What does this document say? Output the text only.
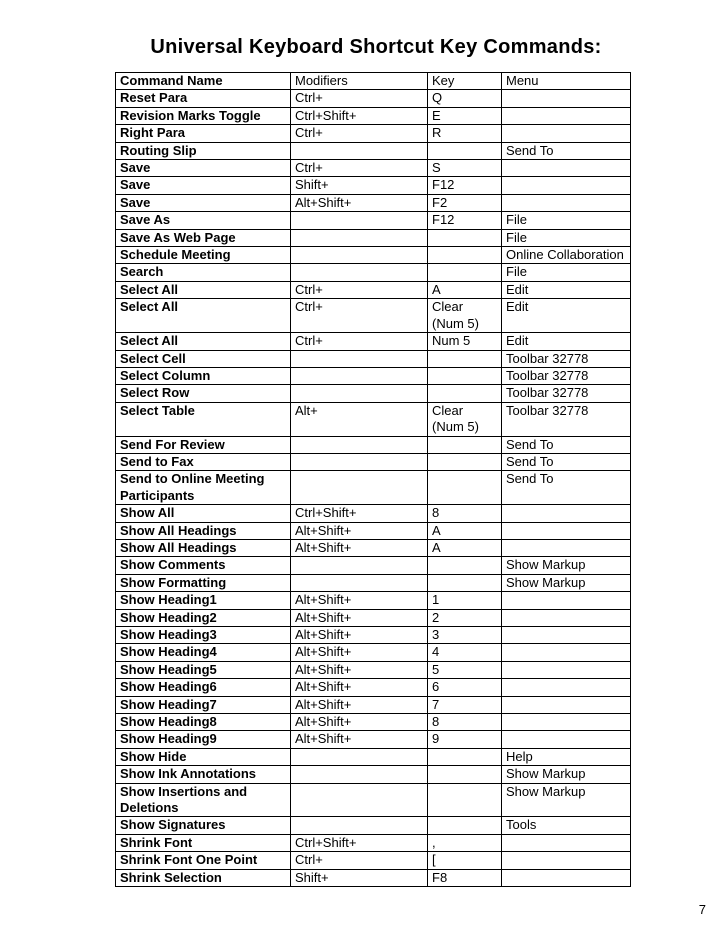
Universal Keyboard Shortcut Key Commands:
Command Name	Modifiers	Key	Menu
Reset Para	Ctrl+	Q	
Revision Marks Toggle	Ctrl+Shift+	E	
Right Para	Ctrl+	R	
Routing Slip			Send To
Save	Ctrl+	S	
Save	Shift+	F12	
Save	Alt+Shift+	F2	
Save As		F12	File
Save As Web Page			File
Schedule Meeting			Online Collaboration
Search			File
Select All	Ctrl+	A	Edit
Select All	Ctrl+	Clear (Num 5)	Edit
Select All	Ctrl+	Num 5	Edit
Select Cell			Toolbar 32778
Select Column			Toolbar 32778
Select Row			Toolbar 32778
Select Table	Alt+	Clear (Num 5)	Toolbar 32778
Send For Review			Send To
Send to Fax			Send To
Send to Online Meeting Participants			Send To
Show All	Ctrl+Shift+	8	
Show All Headings	Alt+Shift+	A	
Show All Headings	Alt+Shift+	A	
Show Comments			Show Markup
Show Formatting			Show Markup
Show Heading1	Alt+Shift+	1	
Show Heading2	Alt+Shift+	2	
Show Heading3	Alt+Shift+	3	
Show Heading4	Alt+Shift+	4	
Show Heading5	Alt+Shift+	5	
Show Heading6	Alt+Shift+	6	
Show Heading7	Alt+Shift+	7	
Show Heading8	Alt+Shift+	8	
Show Heading9	Alt+Shift+	9	
Show Hide			Help
Show Ink Annotations			Show Markup
Show Insertions and Deletions			Show Markup
Show Signatures			Tools
Shrink Font	Ctrl+Shift+	,	
Shrink Font One Point	Ctrl+	[	
Shrink Selection	Shift+	F8	
7
